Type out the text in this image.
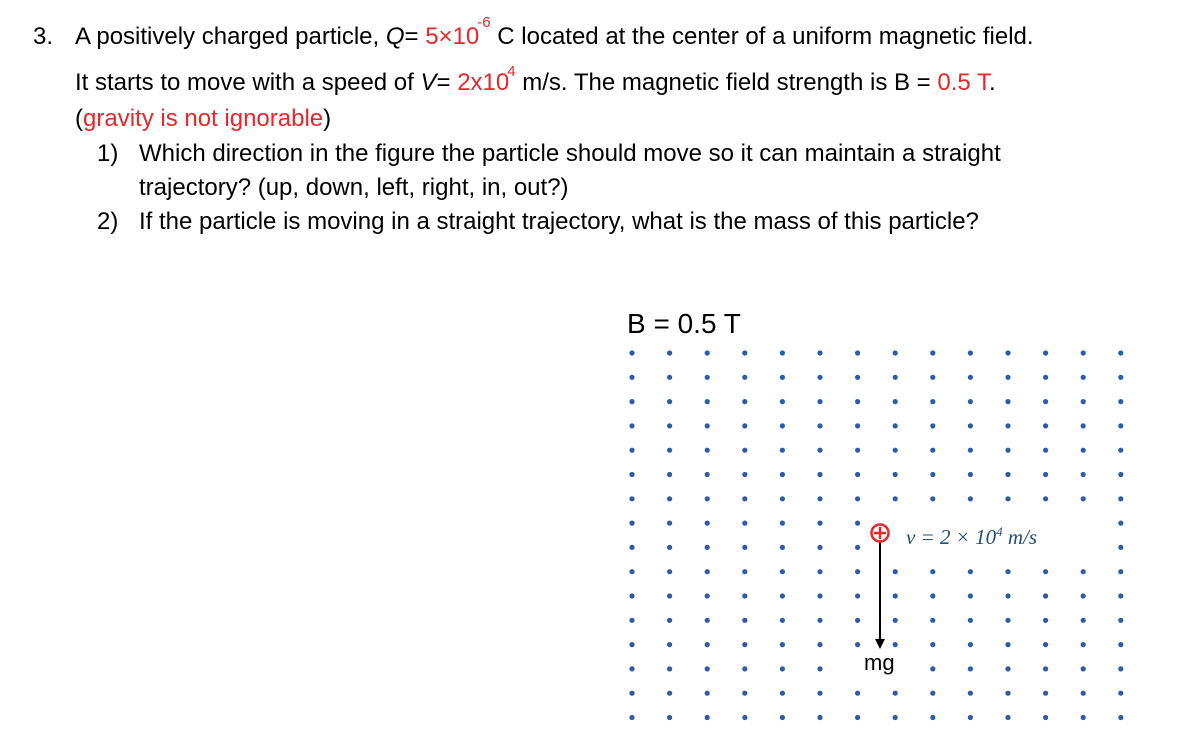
3. A positively charged particle, $Q= 5\times 10^{-6}$ C located at the center of a uniform magnetic field.
It starts to move with a speed of $V= 2x10^4$ m/s. The magnetic field strength is B = 0.5 T.
(gravity is not ignorable)
1) Which direction in the figure the particle should move so it can maintain a straight
trajectory? (up, down, left, right, in, out?)
2) If the particle is moving in a straight trajectory, what is the mass of this particle?
B = 0.5 T
$v = 2 \times 10^4$ m/s
mg
